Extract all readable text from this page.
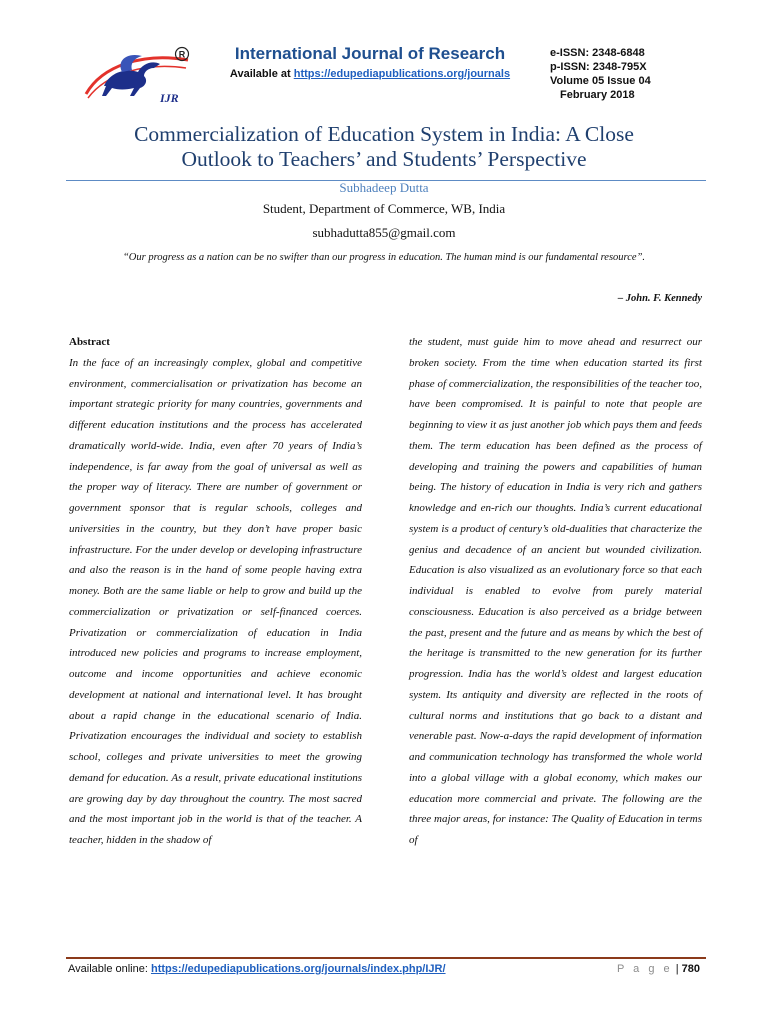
IJR
R	International Journal of Research
Available at https://edupediapublications.org/journals
e-ISSN: 2348-6848
p-ISSN: 2348-795X
Volume 05 Issue 04
February 2018
Commercialization of Education System in India: A Close
Outlook to Teachers’ and Students’ Perspective
Subhadeep Dutta
Student, Department of Commerce, WB, India
subhadutta855@gmail.com
“Our progress as a nation can be no swifter than our progress in education. The human mind is our fundamental resource”.
– John. F. Kennedy
Abstract
In the face of an increasingly complex, global and competitive environment, commercialisation or privatization has become an important strategic priority for many countries, governments and different education institutions and the process has accelerated dramatically world-wide. India, even after 70 years of India’s independence, is far away from the goal of universal as well as the proper way of literacy. There are number of government or government sponsor that is regular schools, colleges and universities in the country, but they don’t have proper basic infrastructure. For the under develop or developing infrastructure and also the reason is in the hand of some people having extra money. Both are the same liable or help to grow and build up the commercialization or privatization or self-financed coerces. Privatization or commercialization of education in India introduced new policies and programs to increase employment, outcome and income opportunities and achieve economic development at national and international level. It has brought about a rapid change in the educational scenario of India. Privatization encourages the individual and society to establish school, colleges and private universities to meet the growing demand for education. As a result, private educational institutions are growing day by day throughout the country. The most sacred and the most important job in the world is that of the teacher. A teacher, hidden in the shadow of
the student, must guide him to move ahead and resurrect our broken society. From the time when education started its first phase of commercialization, the responsibilities of the teacher too, have been compromised. It is painful to note that people are beginning to view it as just another job which pays them and feeds them. The term education has been defined as the process of developing and training the powers and capabilities of human being. The history of education in India is very rich and gathers knowledge and en-rich our thoughts. India’s current educational system is a product of century’s old-dualities that characterize the genius and decadence of an ancient but wounded civilization. Education is also visualized as an evolutionary force so that each individual is enabled to evolve from purely material consciousness. Education is also perceived as a bridge between the past, present and the future and as means by which the best of the heritage is transmitted to the new generation for its further progression. India has the world’s oldest and largest education system. Its antiquity and diversity are reflected in the roots of cultural norms and institutions that go back to a distant and venerable past. Now-a-days the rapid development of information and communication technology has transformed the whole world into a global village with a global economy, which makes our education more commercial and private. The following are the three major areas, for instance: The Quality of Education in terms of
Available online: https://edupediapublications.org/journals/index.php/IJR/	P a g e | 780
